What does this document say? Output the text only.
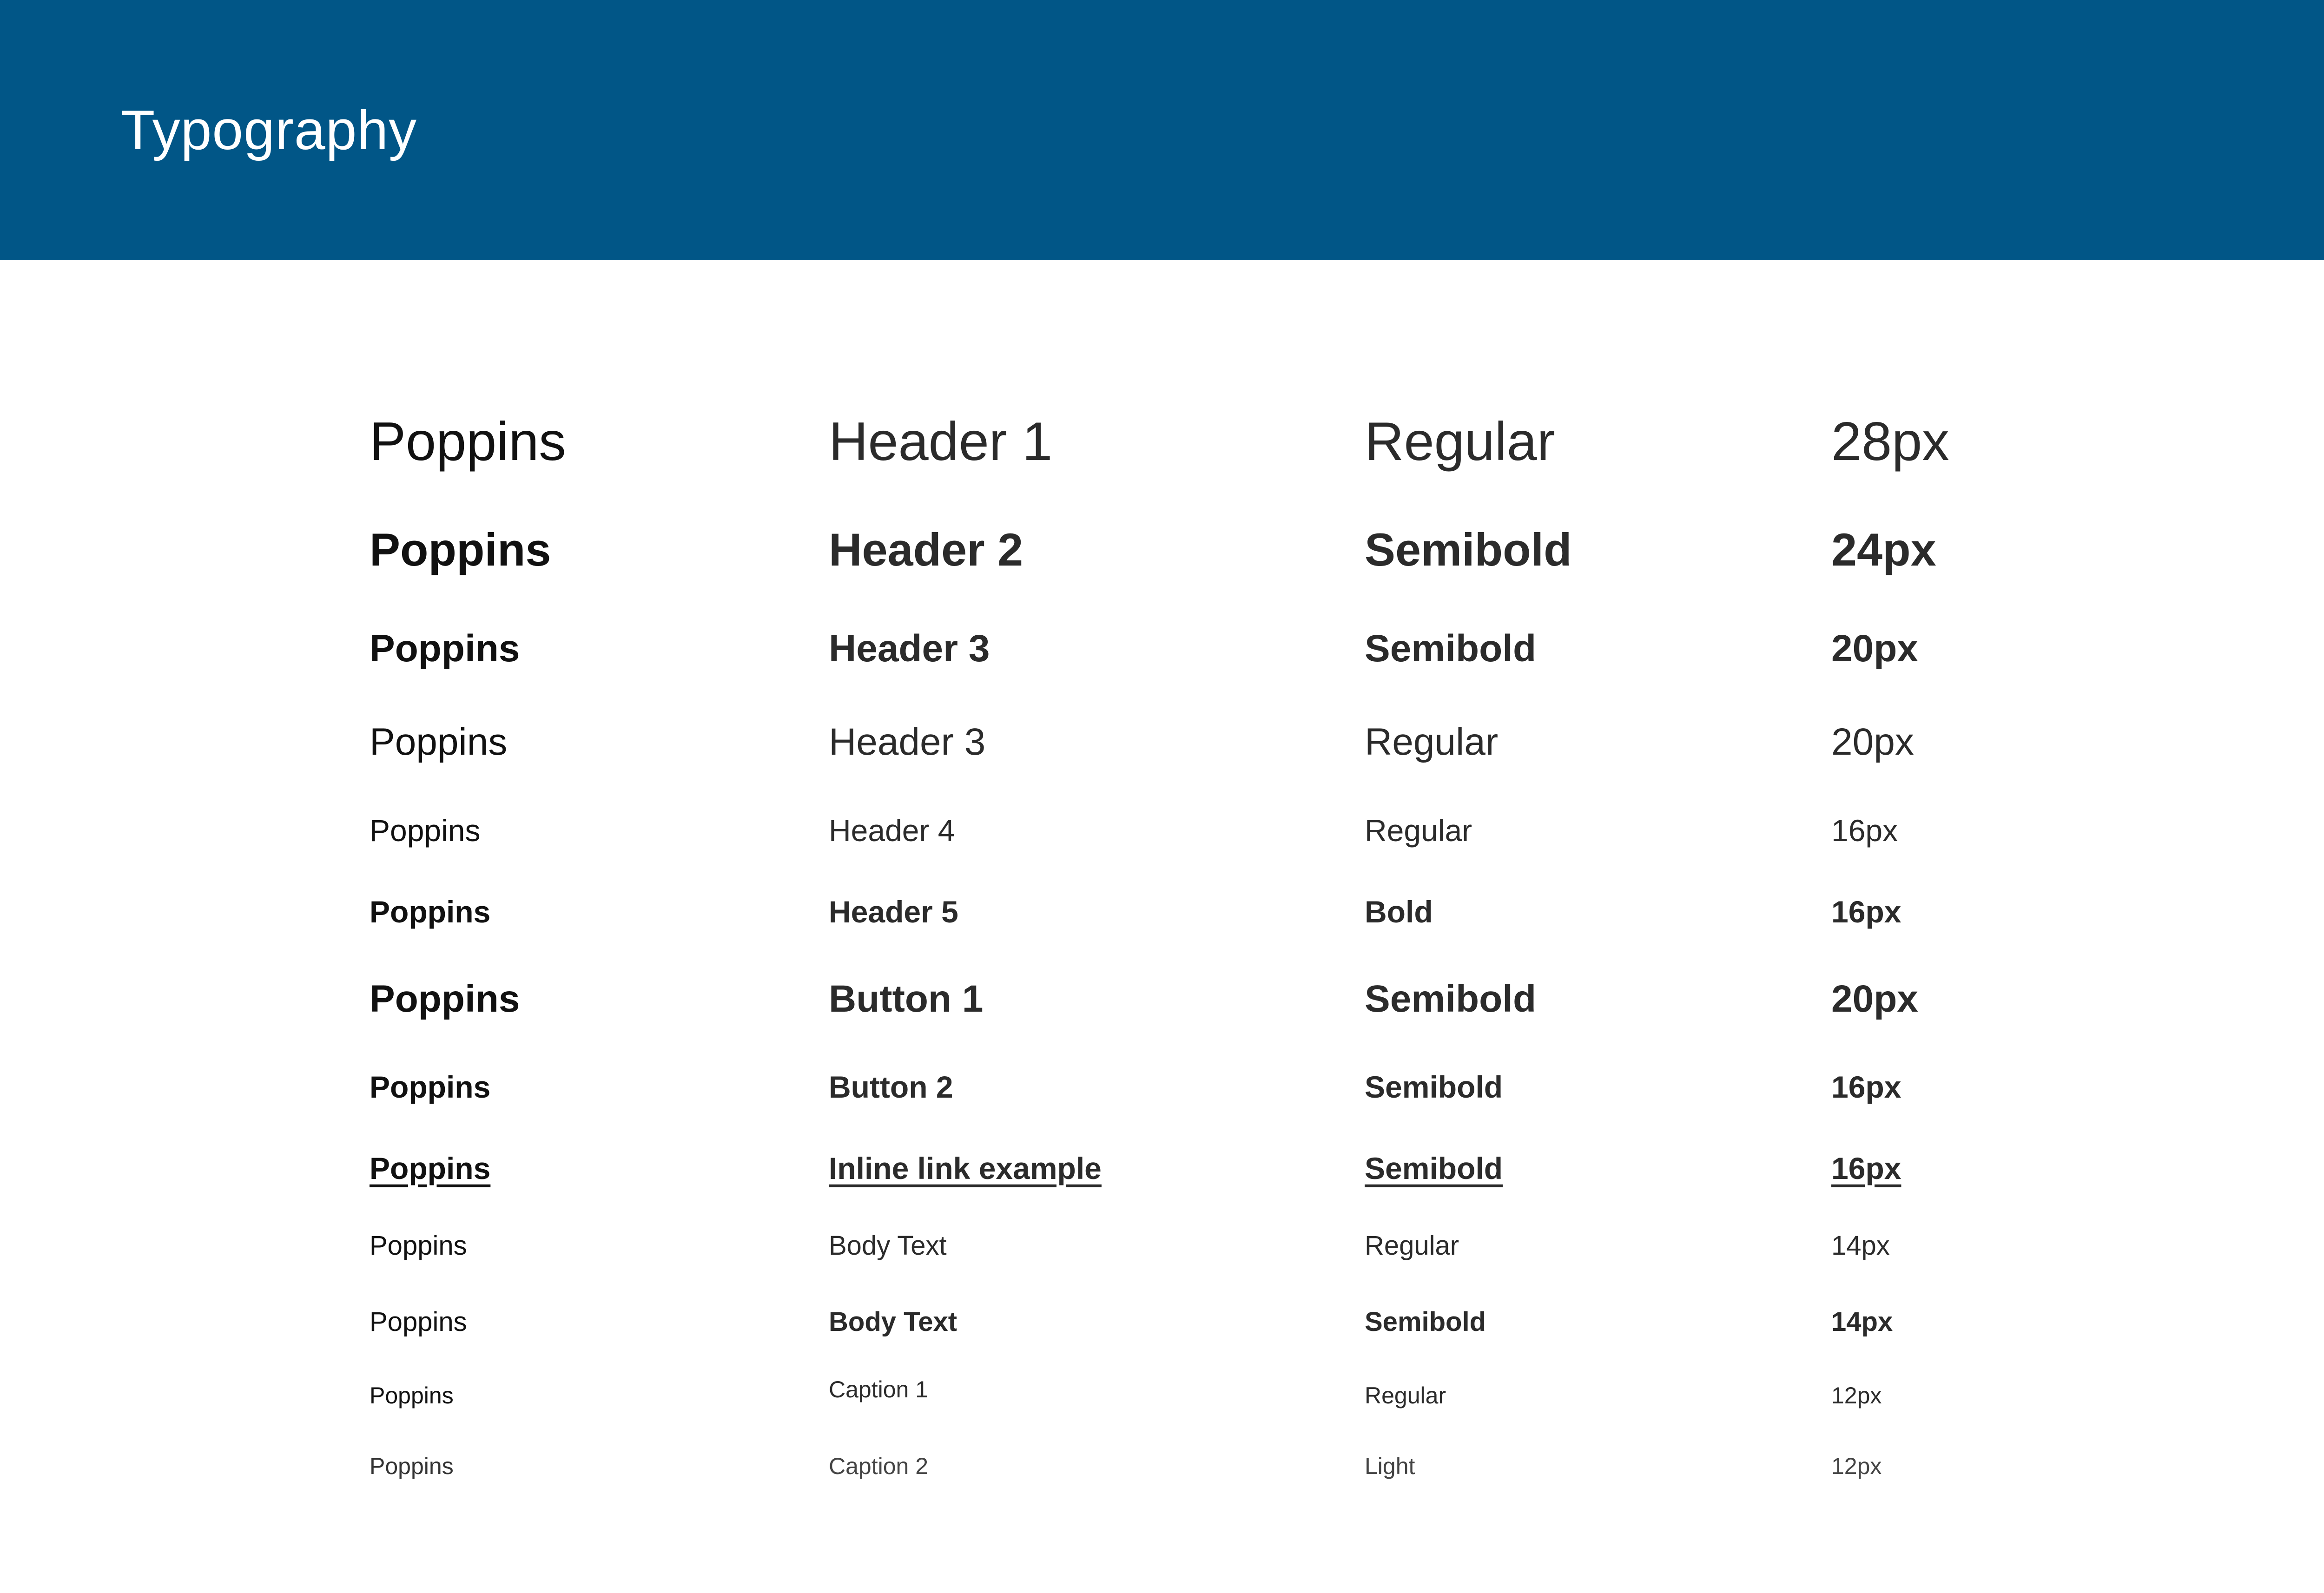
Typography
Poppins	Header 1	Regular	28px
Poppins	Header 2	Semibold	24px
Poppins	Header 3	Semibold	20px
Poppins	Header 3	Regular	20px
Poppins	Header 4	Regular	16px
Poppins	Header 5	Bold	16px
Poppins	Button 1	Semibold	20px
Poppins	Button 2	Semibold	16px
Poppins	Inline link example	Semibold	16px
Poppins	Body Text	Regular	14px
Poppins	Body Text	Semibold	14px
Poppins	Caption 1	Regular	12px
Poppins	Caption 2	Light	12px
